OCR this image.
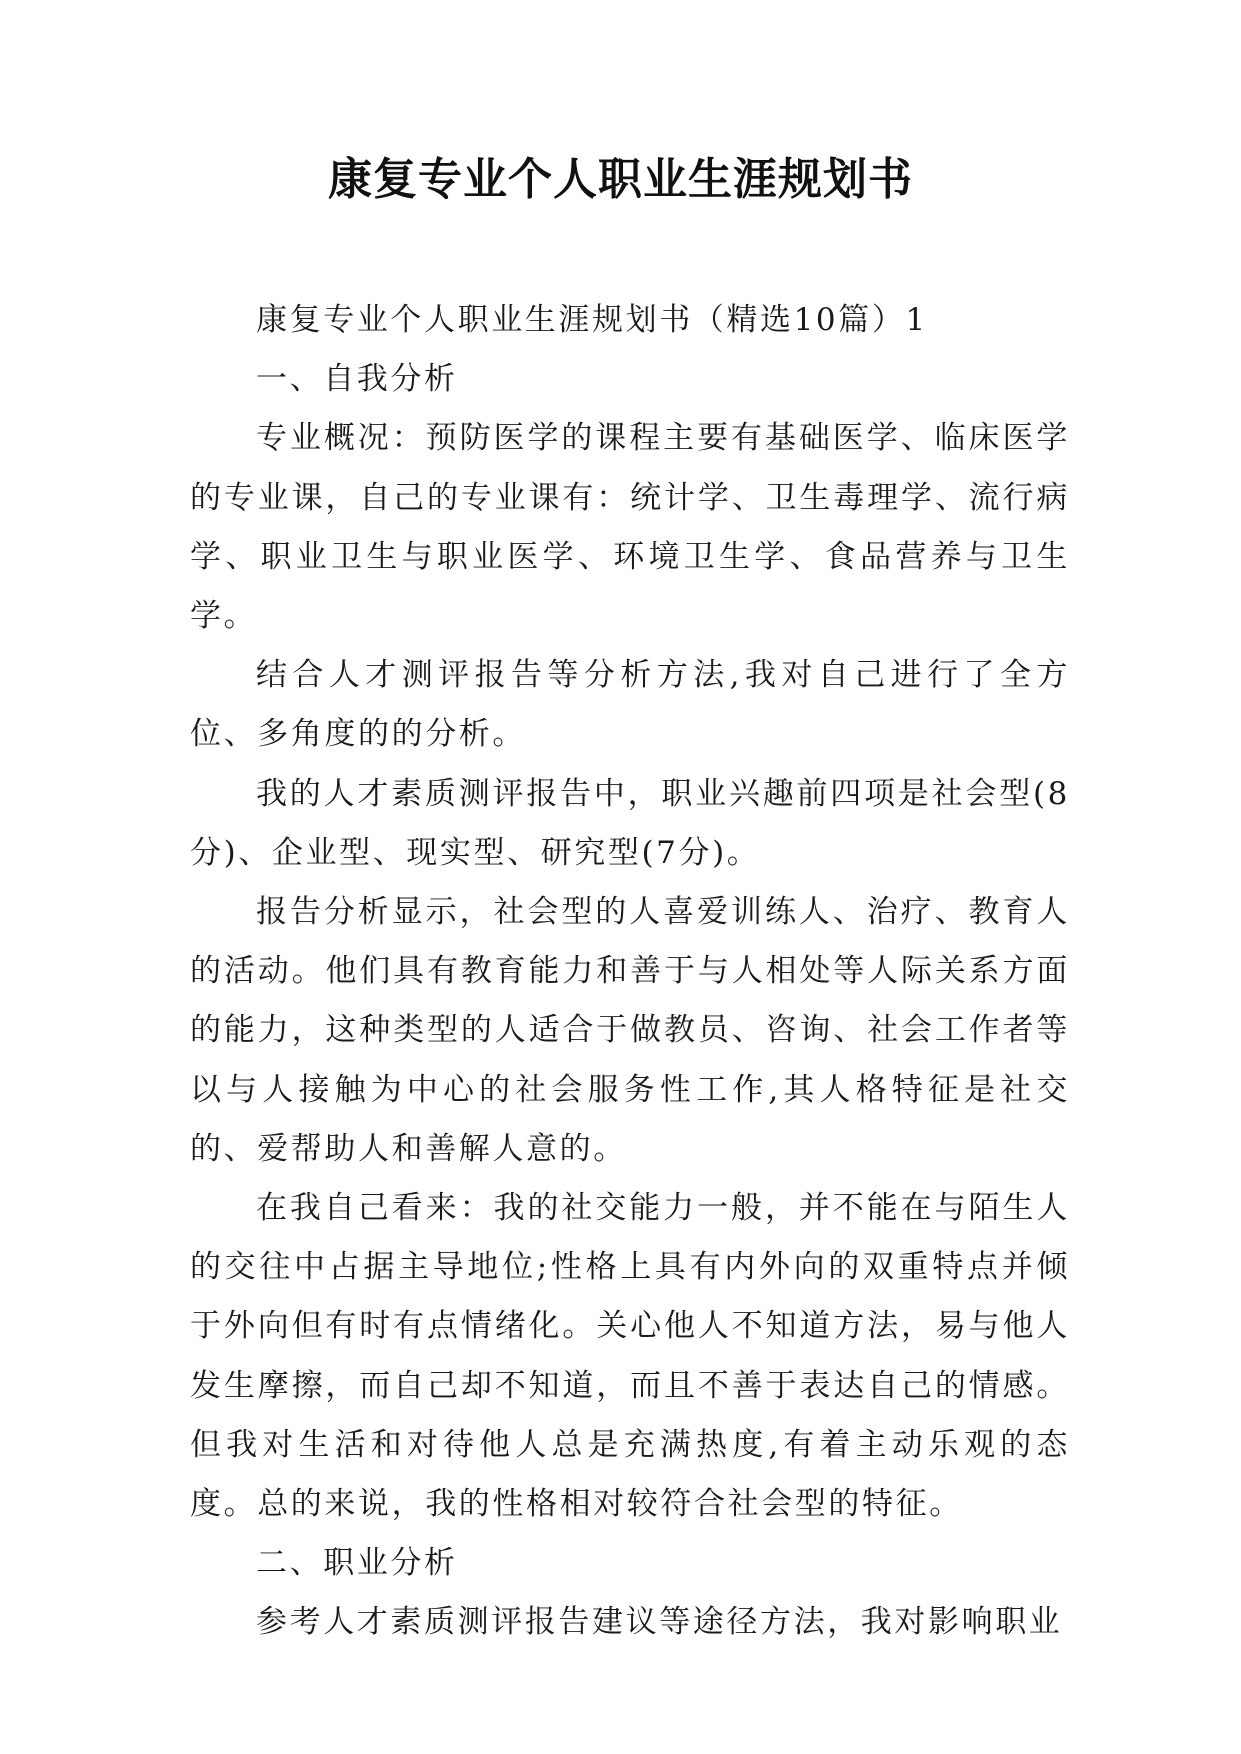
康复专业个人职业生涯规划书

康复专业个人职业生涯规划书（精选10篇）1

一、自我分析

专业概况：预防医学的课程主要有基础医学、临床医学的专业课，自己的专业课有：统计学、卫生毒理学、流行病学、职业卫生与职业医学、环境卫生学、食品营养与卫生学。

结合人才测评报告等分析方法,我对自己进行了全方位、多角度的的分析。

我的人才素质测评报告中，职业兴趣前四项是社会型(8分)、企业型、现实型、研究型(7分)。

报告分析显示，社会型的人喜爱训练人、治疗、教育人的活动。他们具有教育能力和善于与人相处等人际关系方面的能力，这种类型的人适合于做教员、咨询、社会工作者等以与人接触为中心的社会服务性工作,其人格特征是社交的、爱帮助人和善解人意的。

在我自己看来：我的社交能力一般，并不能在与陌生人的交往中占据主导地位;性格上具有内外向的双重特点并倾于外向但有时有点情绪化。关心他人不知道方法，易与他人发生摩擦，而自己却不知道，而且不善于表达自己的情感。但我对生活和对待他人总是充满热度,有着主动乐观的态度。总的来说，我的性格相对较符合社会型的特征。

二、职业分析

参考人才素质测评报告建议等途径方法，我对影响职业
